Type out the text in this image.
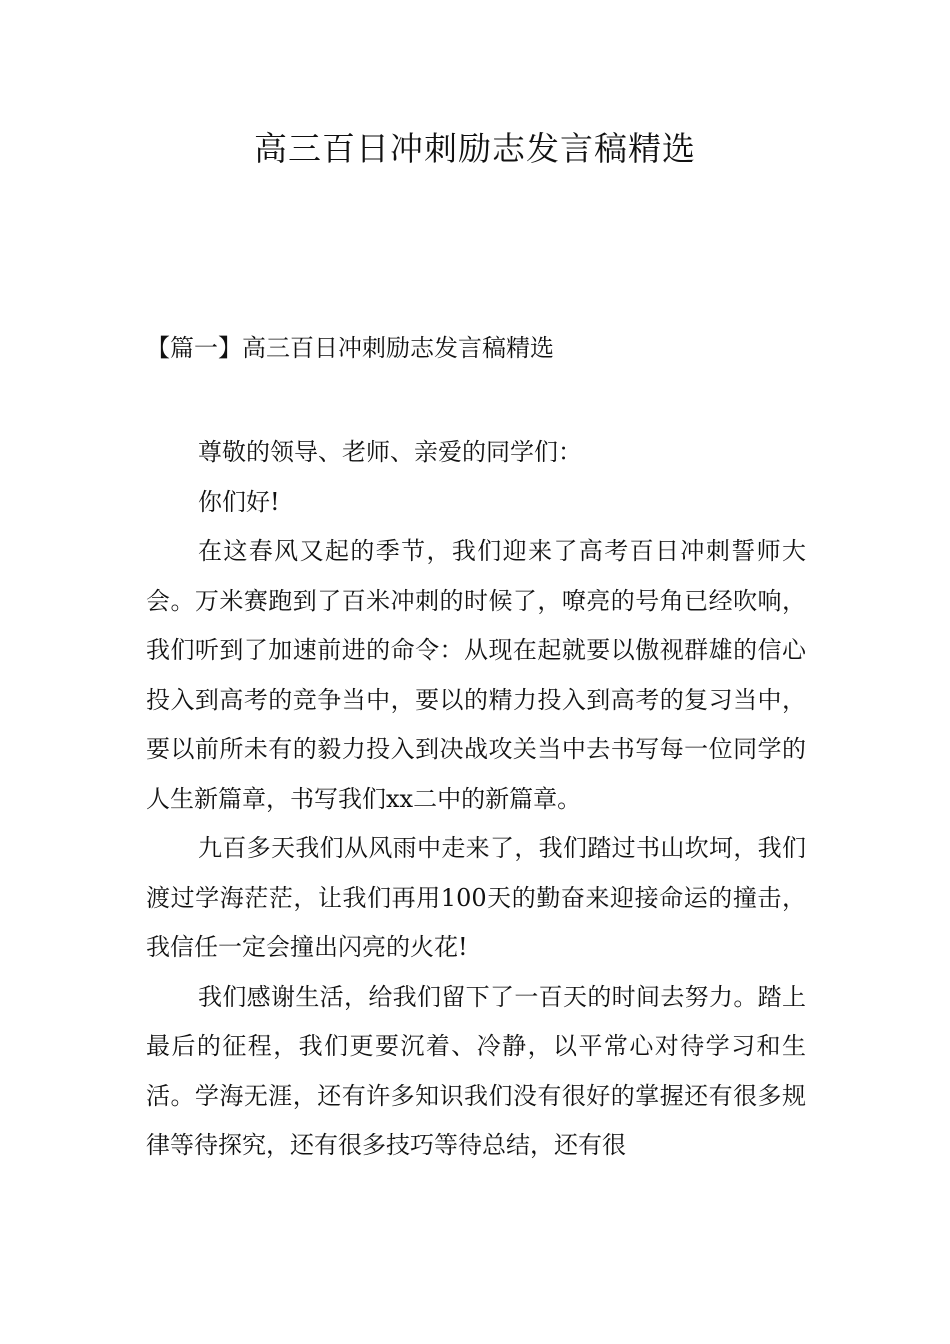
高三百日冲刺励志发言稿精选
【篇一】高三百日冲刺励志发言稿精选

尊敬的领导、老师、亲爱的同学们：

你们好!

在这春风又起的季节，我们迎来了高考百日冲刺誓师大会。万米赛跑到了百米冲刺的时候了，嘹亮的号角已经吹响，我们听到了加速前进的命令：从现在起就要以傲视群雄的信心投入到高考的竞争当中，要以的精力投入到高考的复习当中，要以前所未有的毅力投入到决战攻关当中去书写每一位同学的人生新篇章，书写我们xx二中的新篇章。

九百多天我们从风雨中走来了，我们踏过书山坎坷，我们渡过学海茫茫，让我们再用100天的勤奋来迎接命运的撞击，我信任一定会撞出闪亮的火花!

我们感谢生活，给我们留下了一百天的时间去努力。踏上最后的征程，我们更要沉着、冷静，以平常心对待学习和生活。学海无涯，还有许多知识我们没有很好的掌握还有很多规律等待探究，还有很多技巧等待总结，还有很
